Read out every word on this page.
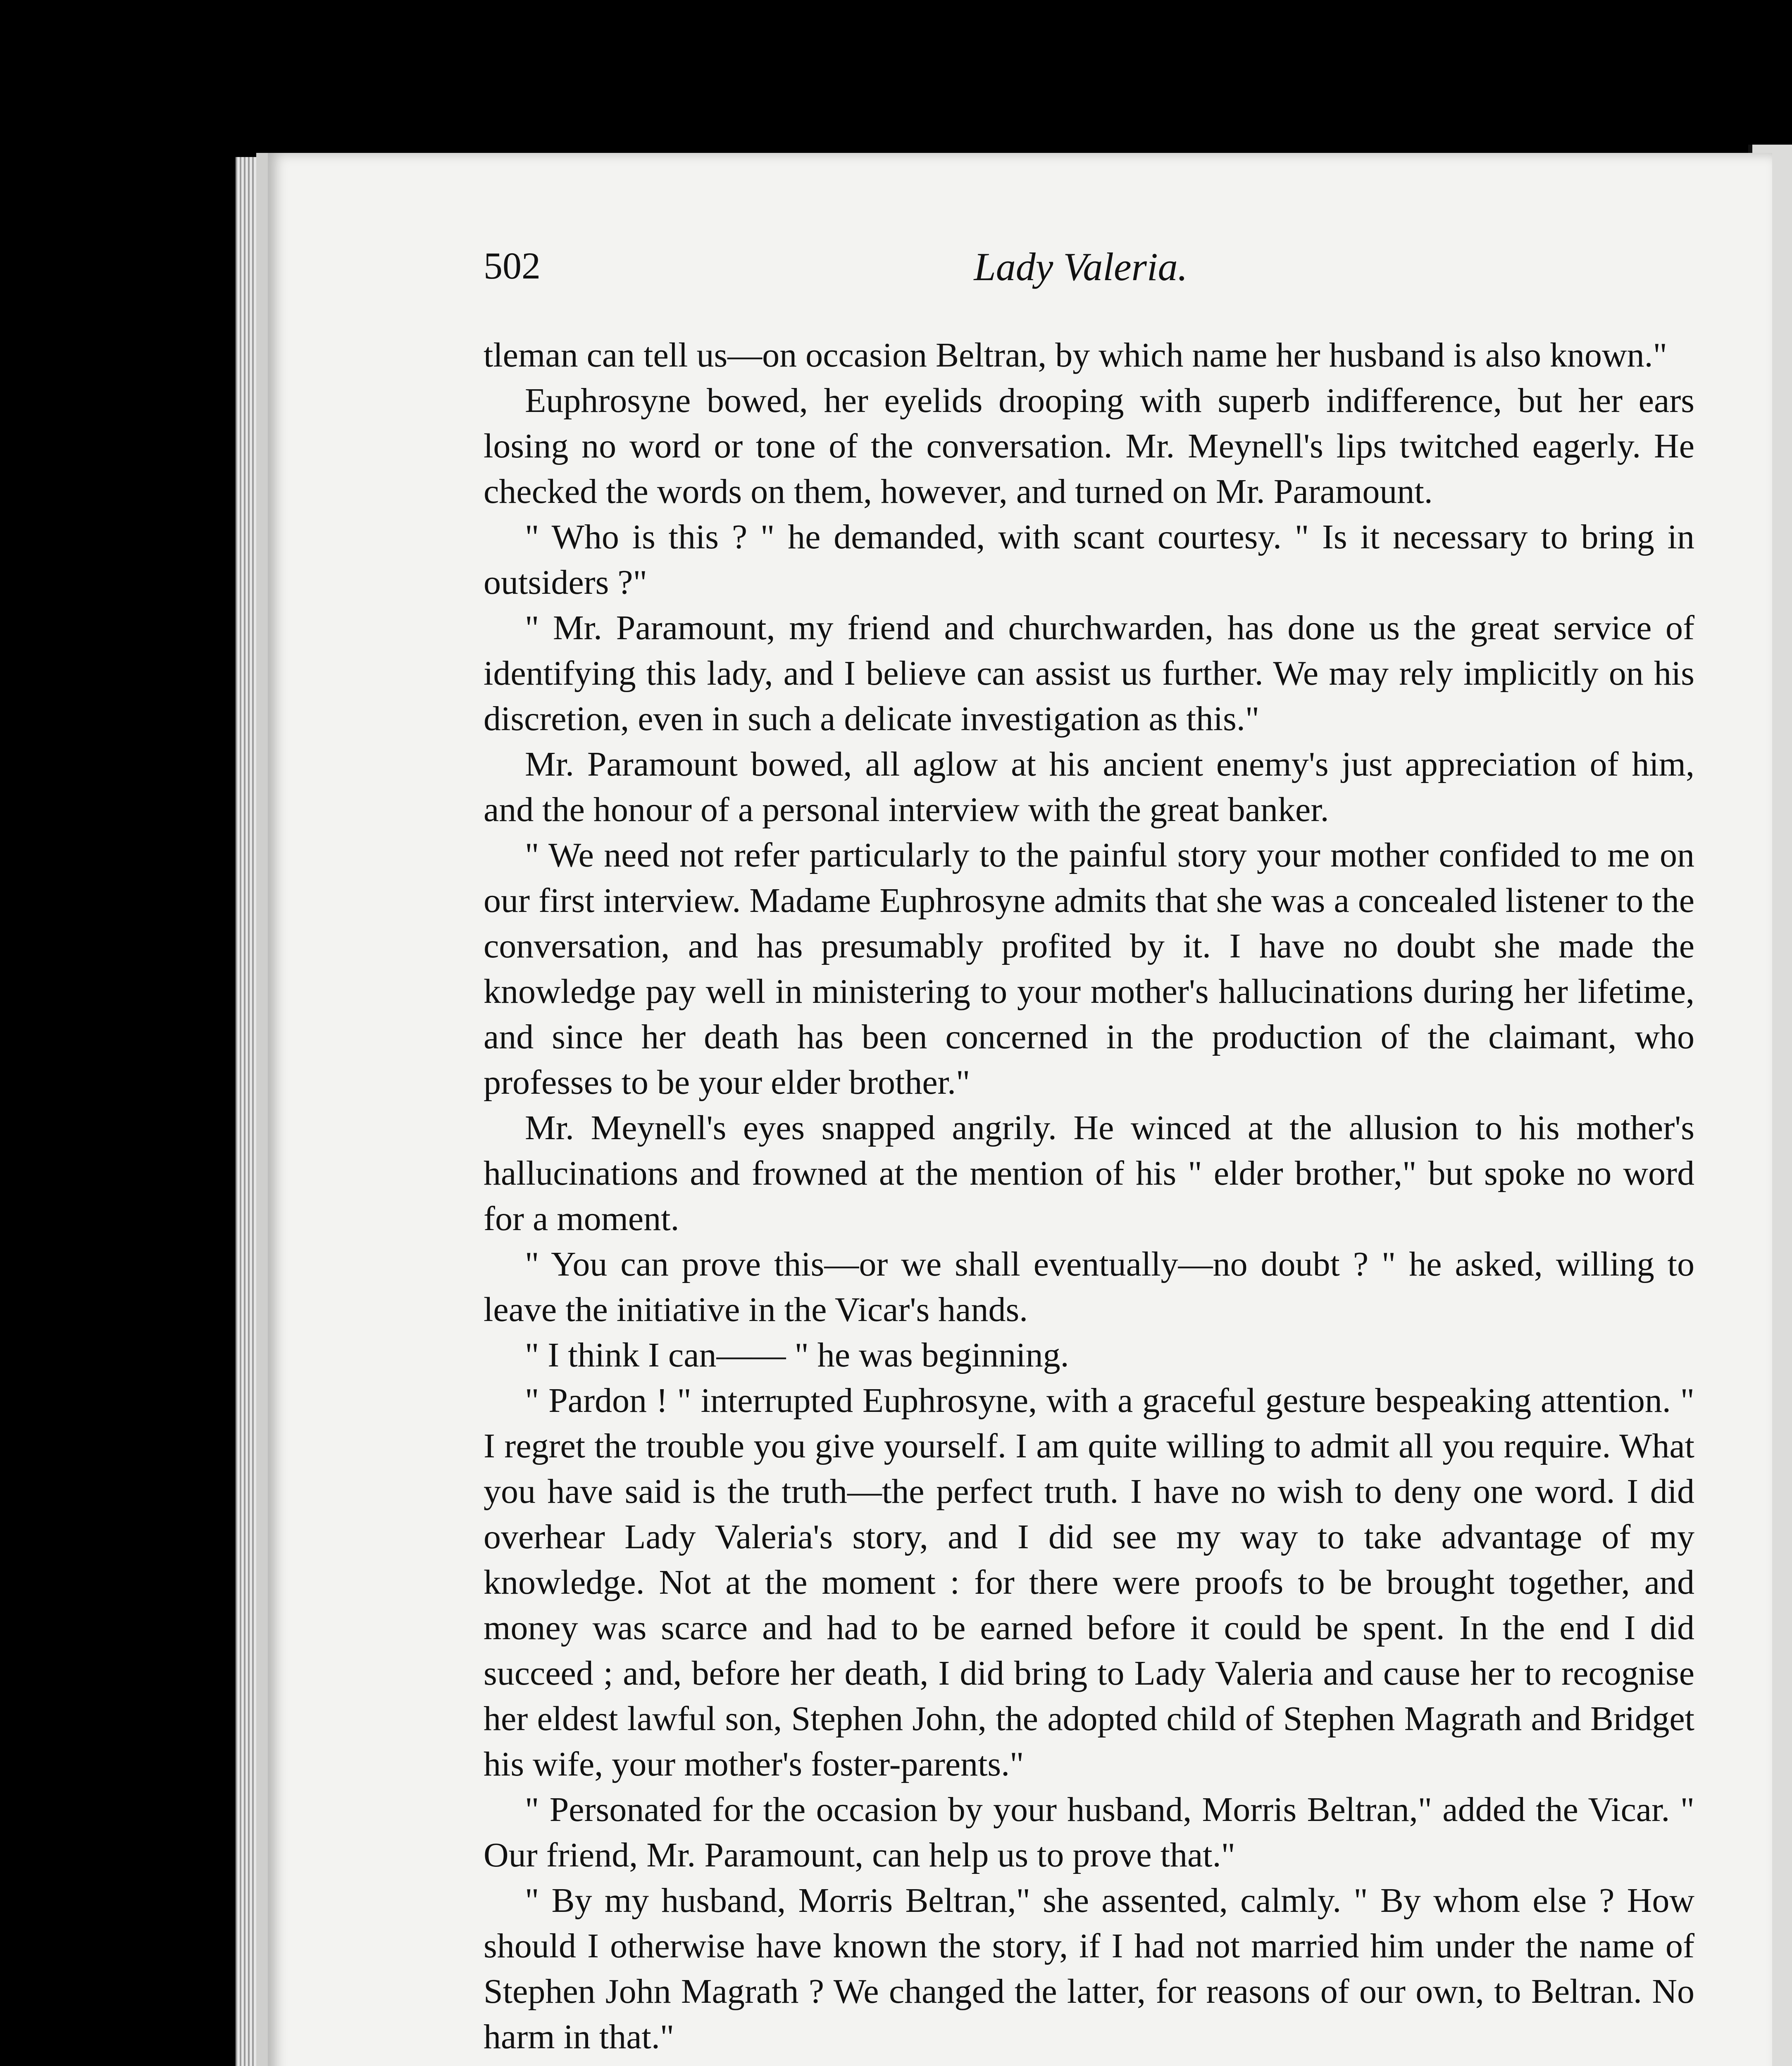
502	Lady Valeria.

tleman can tell us—on occasion Beltran, by which name her husband is also known."

Euphrosyne bowed, her eyelids drooping with superb indifference, but her ears losing no word or tone of the conversation. Mr. Meynell's lips twitched eagerly. He checked the words on them, however, and turned on Mr. Paramount.

" Who is this ? " he demanded, with scant courtesy. " Is it necessary to bring in outsiders ?"

" Mr. Paramount, my friend and churchwarden, has done us the great service of identifying this lady, and I believe can assist us further. We may rely implicitly on his discretion, even in such a delicate investigation as this."

Mr. Paramount bowed, all aglow at his ancient enemy's just appreciation of him, and the honour of a personal interview with the great banker.

" We need not refer particularly to the painful story your mother confided to me on our first interview. Madame Euphrosyne admits that she was a concealed listener to the conversation, and has presumably profited by it. I have no doubt she made the knowledge pay well in ministering to your mother's hallucinations during her lifetime, and since her death has been concerned in the production of the claimant, who professes to be your elder brother."

Mr. Meynell's eyes snapped angrily. He winced at the allusion to his mother's hallucinations and frowned at the mention of his " elder brother," but spoke no word for a moment.

" You can prove this—or we shall eventually—no doubt ? " he asked, willing to leave the initiative in the Vicar's hands.

" I think I can—— " he was beginning.

" Pardon ! " interrupted Euphrosyne, with a graceful gesture bespeaking attention. " I regret the trouble you give yourself. I am quite willing to admit all you require. What you have said is the truth—the perfect truth. I have no wish to deny one word. I did overhear Lady Valeria's story, and I did see my way to take advantage of my knowledge. Not at the moment : for there were proofs to be brought together, and money was scarce and had to be earned before it could be spent. In the end I did succeed ; and, before her death, I did bring to Lady Valeria and cause her to recognise her eldest lawful son, Stephen John, the adopted child of Stephen Magrath and Bridget his wife, your mother's foster-parents."

" Personated for the occasion by your husband, Morris Beltran," added the Vicar. " Our friend, Mr. Paramount, can help us to prove that."

" By my husband, Morris Beltran," she assented, calmly. " By whom else ? How should I otherwise have known the story, if I had not married him under the name of Stephen John Magrath ? We changed the latter, for reasons of our own, to Beltran. No harm in that."
